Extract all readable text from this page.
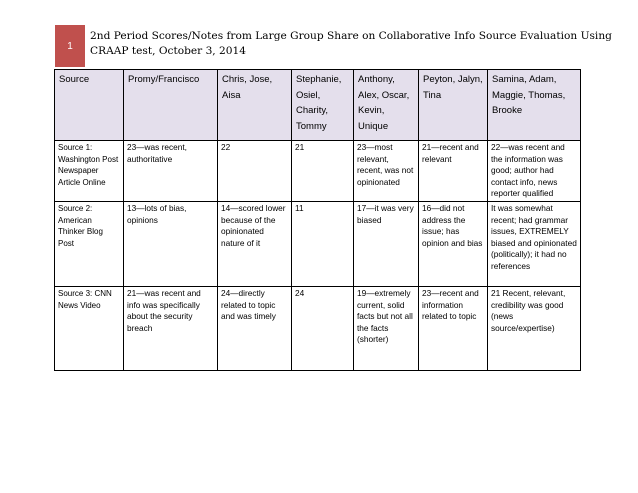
1
2nd Period Scores/Notes from Large Group Share on Collaborative Info Source Evaluation Using
CRAAP test, October 3, 2014
Source	Promy/Francisco	Chris, Jose, Aisa	Stephanie, Osiel, Charity, Tommy	Anthony, Alex, Oscar, Kevin, Unique	Peyton, Jalyn, Tina	Samina, Adam, Maggie, Thomas, Brooke
Source 1: Washington Post Newspaper Article Online	23—was recent, authoritative	22	21	23—most relevant, recent, was not opinionated	21—recent and relevant	22—was recent and the information was good; author had contact info, news reporter qualified
Source 2: American Thinker Blog Post	13—lots of bias, opinions	14—scored lower because of the opinionated nature of it	11	17—it was very biased	16—did not address the issue; has opinion and bias	It was somewhat recent; had grammar issues, EXTREMELY biased and opinionated (politically); it had no references
Source 3: CNN News Video	21—was recent and info was specifically about the security breach	24—directly related to topic and was timely	24	19—extremely current, solid facts but not all the facts (shorter)	23—recent and information related to topic	21 Recent, relevant, credibility was good (news source/expertise)
